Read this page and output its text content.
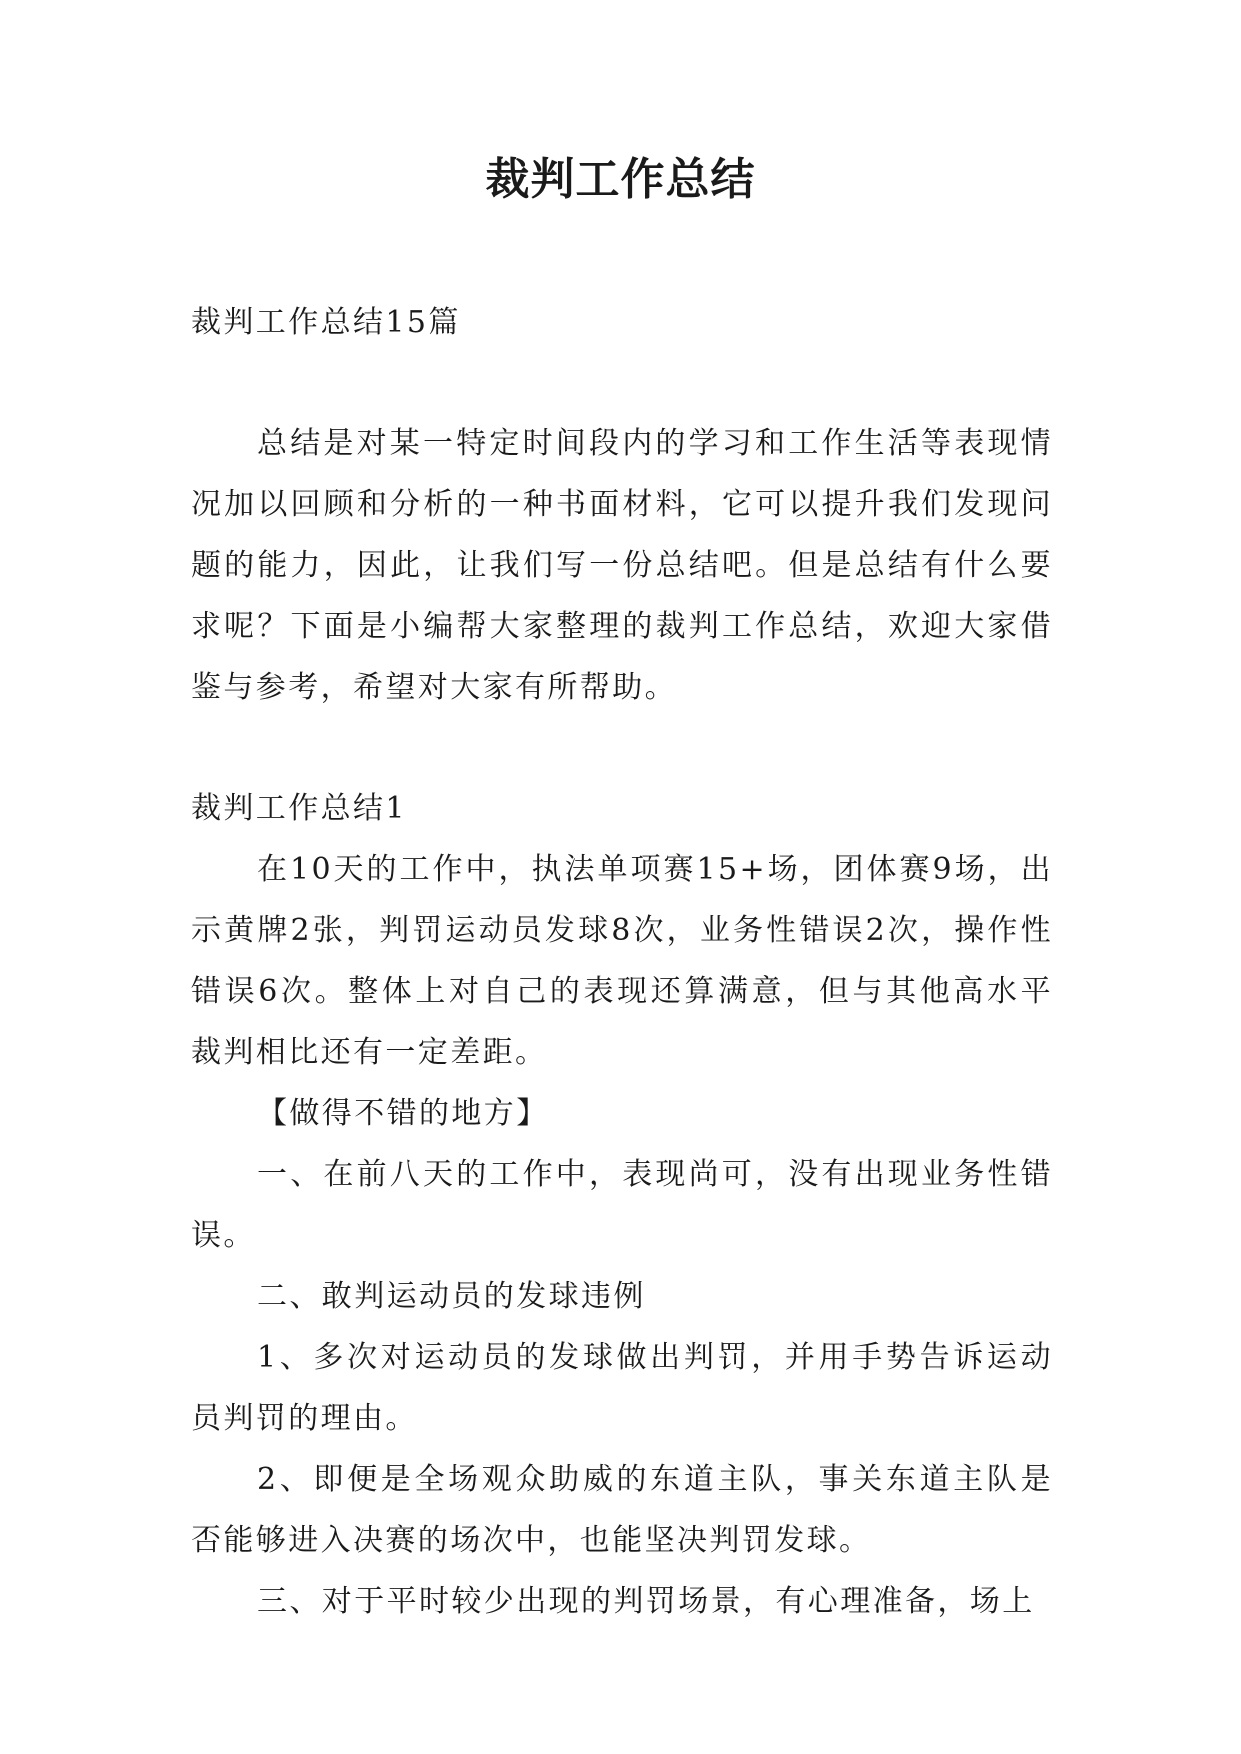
裁判工作总结

裁判工作总结15篇

总结是对某一特定时间段内的学习和工作生活等表现情况加以回顾和分析的一种书面材料，它可以提升我们发现问题的能力，因此，让我们写一份总结吧。但是总结有什么要求呢？下面是小编帮大家整理的裁判工作总结，欢迎大家借鉴与参考，希望对大家有所帮助。

裁判工作总结1

在10天的工作中，执法单项赛15+场，团体赛9场，出示黄牌2张，判罚运动员发球8次，业务性错误2次，操作性错误6次。整体上对自己的表现还算满意，但与其他高水平裁判相比还有一定差距。

【做得不错的地方】

一、在前八天的工作中，表现尚可，没有出现业务性错误。

二、敢判运动员的发球违例

1、多次对运动员的发球做出判罚，并用手势告诉运动员判罚的理由。

2、即便是全场观众助威的东道主队，事关东道主队是否能够进入决赛的场次中，也能坚决判罚发球。

三、对于平时较少出现的判罚场景，有心理准备，场上
